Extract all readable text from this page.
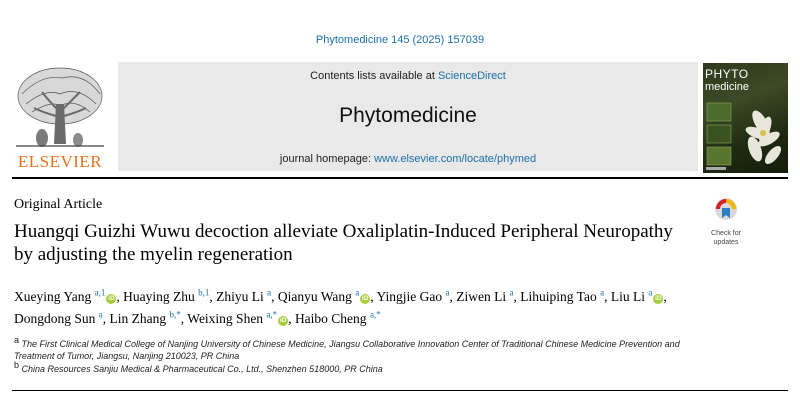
Phytomedicine 145 (2025) 157039
ELSEVIER
Contents lists available at ScienceDirect
Phytomedicine
journal homepage: www.elsevier.com/locate/phymed
PHYTO
medicine
Original Article
Check for
updates
Huangqi Guizhi Wuwu decoction alleviate Oxaliplatin-Induced Peripheral Neuropathy by adjusting the myelin regeneration
Xueying Yang $^{a,1}$iD , Huaying Zhu $^{b,1}$, Zhiyu Li $^a$, Qianyu Wang $^a$iD , Yingjie Gao $^a$, Ziwen Li $^a$, Lihuiping Tao $^a$, Liu Li $^a$iD , Dongdong Sun $^a$, Lin Zhang $^{b,*}$, Weixing Shen $^{a,*}$iD , Haibo Cheng $^{a,*}$
a The First Clinical Medical College of Nanjing University of Chinese Medicine, Jiangsu Collaborative Innovation Center of Traditional Chinese Medicine Prevention and Treatment of Tumor, Jiangsu, Nanjing 210023, PR China
b China Resources Sanjiu Medical & Pharmaceutical Co., Ltd., Shenzhen 518000, PR China
